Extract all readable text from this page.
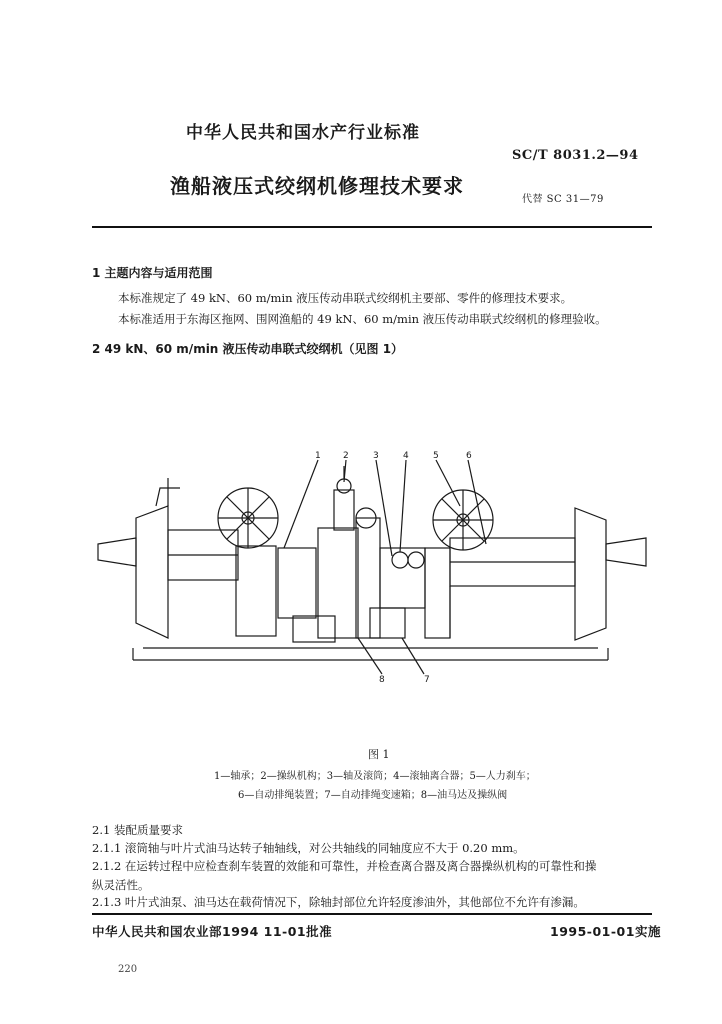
中华人民共和国水产行业标准
SC/T 8031.2—94
渔船液压式绞纲机修理技术要求
代替 SC 31—79
1 主题内容与适用范围
本标准规定了 49 kN、60 m/min 液压传动串联式绞纲机主要部、零件的修理技术要求。
本标准适用于东海区拖网、围网渔船的 49 kN、60 m/min 液压传动串联式绞纲机的修理验收。
2 49 kN、60 m/min 液压传动串联式绞纲机（见图 1）
1 2	3	4	5	6
7
8
图 1
1—轴承；2—操纵机构；3—轴及滚筒；4—滚轴离合器；5—人力刹车；
6—自动排绳装置；7—自动排绳变速箱；8—油马达及操纵阀
2.1 装配质量要求
2.1.1 滚筒轴与叶片式油马达转子轴轴线，对公共轴线的同轴度应不大于 0.20 mm。
2.1.2 在运转过程中应检查刹车装置的效能和可靠性，并检查离合器及离合器操纵机构的可靠性和操
纵灵活性。
2.1.3 叶片式油泵、油马达在载荷情况下，除轴封部位允许轻度渗油外，其他部位不允许有渗漏。
中华人民共和国农业部1994 11-01批准	1995-01-01实施
220
